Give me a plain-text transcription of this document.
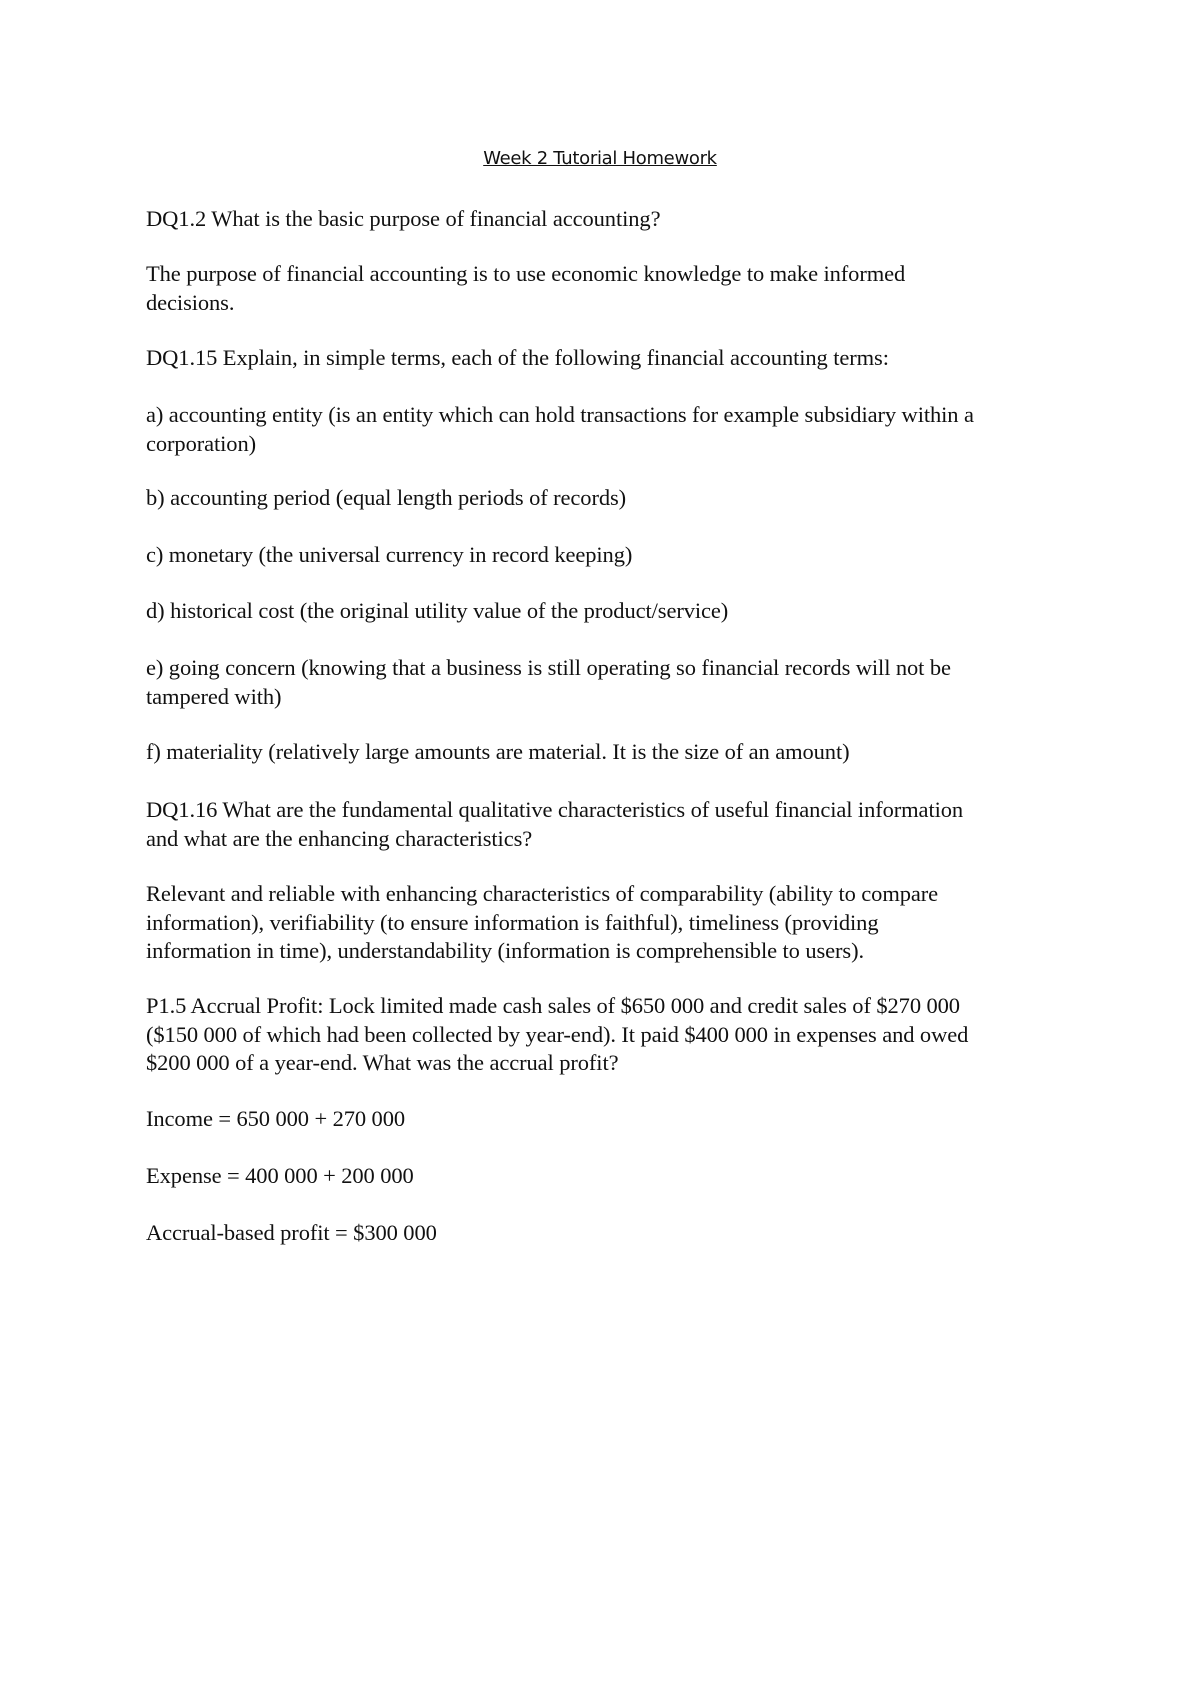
Week 2 Tutorial Homework

DQ1.2 What is the basic purpose of financial accounting?

The purpose of financial accounting is to use economic knowledge to make informed
decisions.

DQ1.15 Explain, in simple terms, each of the following financial accounting terms:

a) accounting entity (is an entity which can hold transactions for example subsidiary within a
corporation)

b) accounting period (equal length periods of records)

c) monetary (the universal currency in record keeping)

d) historical cost (the original utility value of the product/service)

e) going concern (knowing that a business is still operating so financial records will not be
tampered with)

f) materiality (relatively large amounts are material. It is the size of an amount)

DQ1.16 What are the fundamental qualitative characteristics of useful financial information
and what are the enhancing characteristics?

Relevant and reliable with enhancing characteristics of comparability (ability to compare
information), verifiability (to ensure information is faithful), timeliness (providing
information in time), understandability (information is comprehensible to users).

P1.5 Accrual Profit: Lock limited made cash sales of $650 000 and credit sales of $270 000
($150 000 of which had been collected by year-end). It paid $400 000 in expenses and owed
$200 000 of a year-end. What was the accrual profit?

Income = 650 000 + 270 000

Expense = 400 000 + 200 000

Accrual-based profit = $300 000
